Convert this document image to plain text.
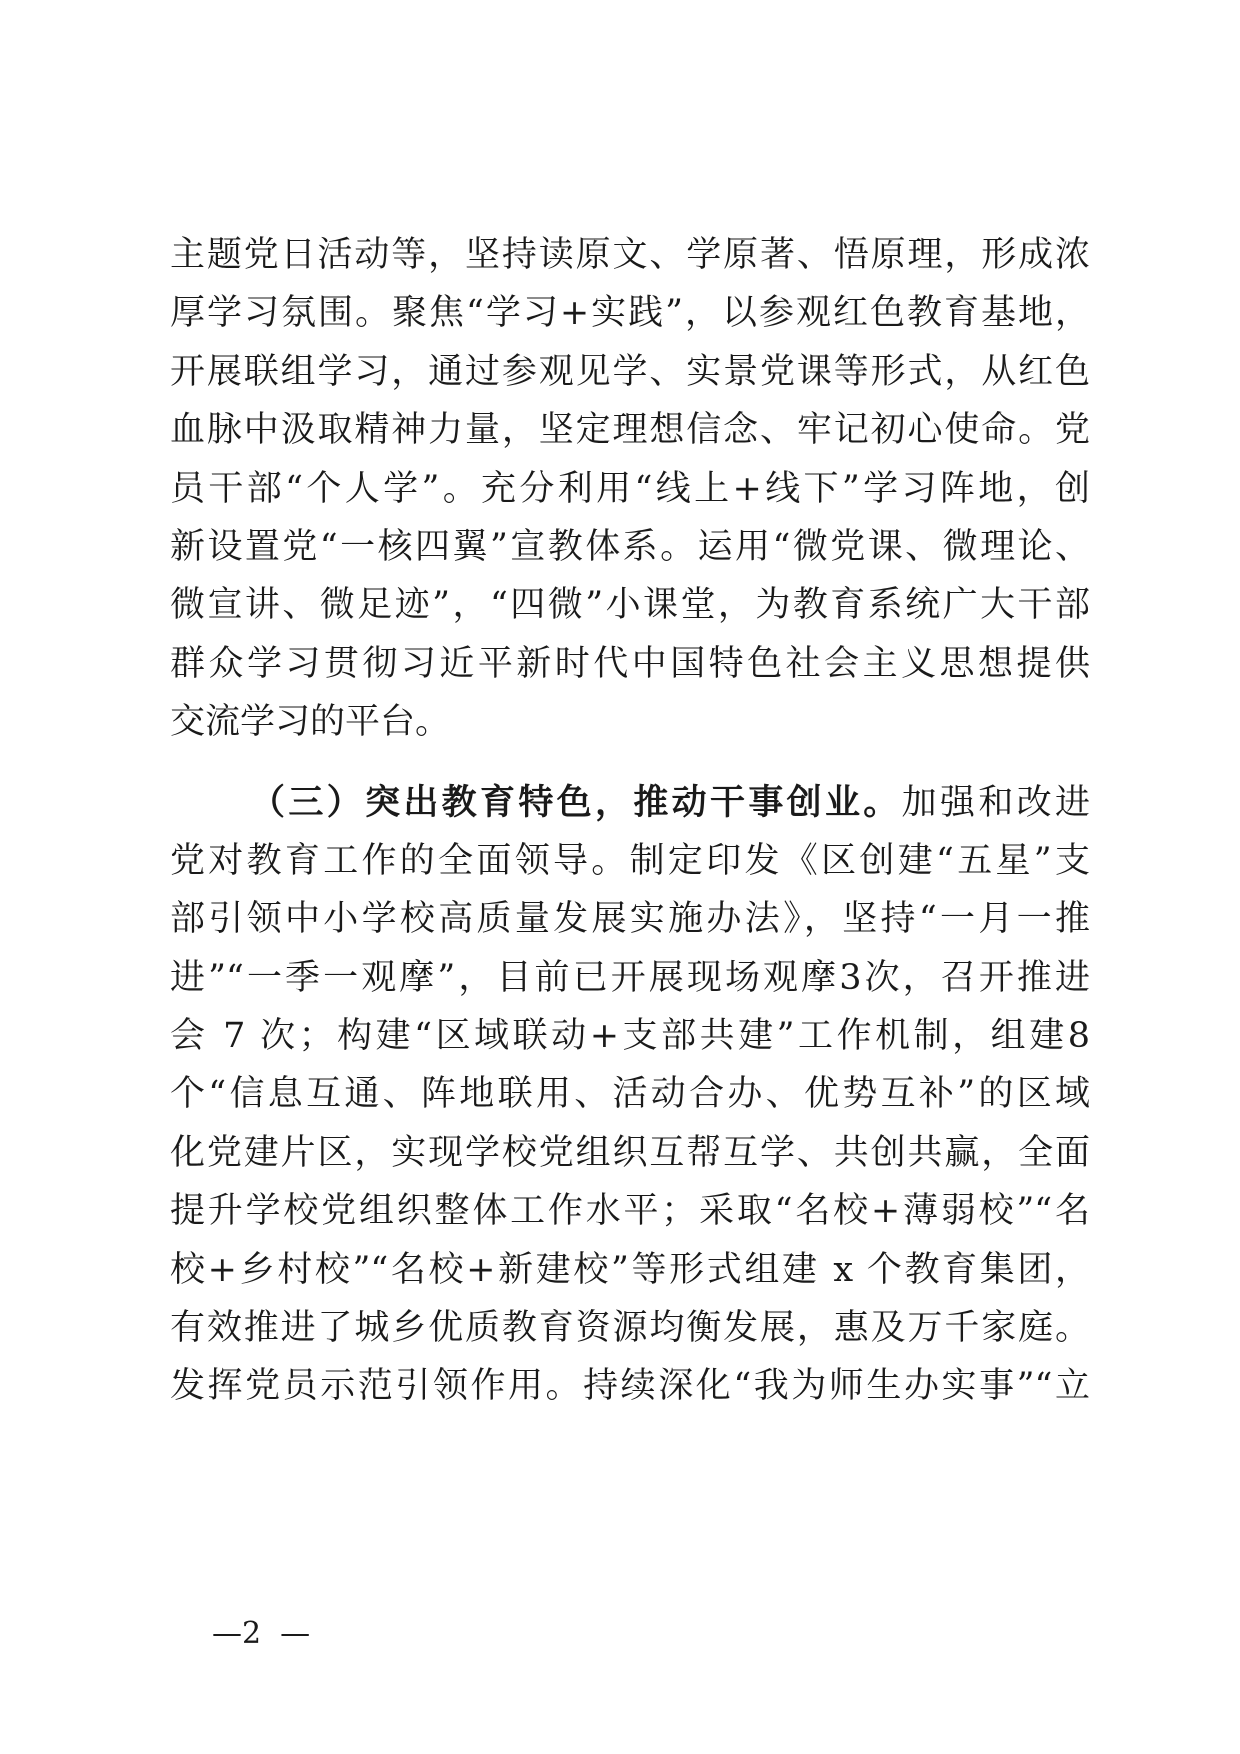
主题党日活动等，坚持读原文、学原著、悟原理，形成浓
厚学习氛围。聚焦“学习+实践”，以参观红色教育基地，
开展联组学习，通过参观见学、实景党课等形式，从红色
血脉中汲取精神力量，坚定理想信念、牢记初心使命。党
员干部“个人学”。充分利用“线上+线下”学习阵地，创
新设置党“一核四翼”宣教体系。运用“微党课、微理论、
微宣讲、微足迹”，“四微”小课堂，为教育系统广大干部
群众学习贯彻习近平新时代中国特色社会主义思想提供
交流学习的平台。
（三）突出教育特色，推动干事创业。加强和改进
党对教育工作的全面领导。制定印发《区创建“五星”支
部引领中小学校高质量发展实施办法》，坚持“一月一推
进”“一季一观摩”，目前已开展现场观摩3次，召开推进
会 7 次；构建“区域联动+支部共建”工作机制，组建8
个“信息互通、阵地联用、活动合办、优势互补”的区域
化党建片区，实现学校党组织互帮互学、共创共赢，全面
提升学校党组织整体工作水平；采取“名校+薄弱校”“名
校+乡村校”“名校+新建校”等形式组建 x 个教育集团，
有效推进了城乡优质教育资源均衡发展，惠及万千家庭。
发挥党员示范引领作用。持续深化“我为师生办实事”“立
—2  —
